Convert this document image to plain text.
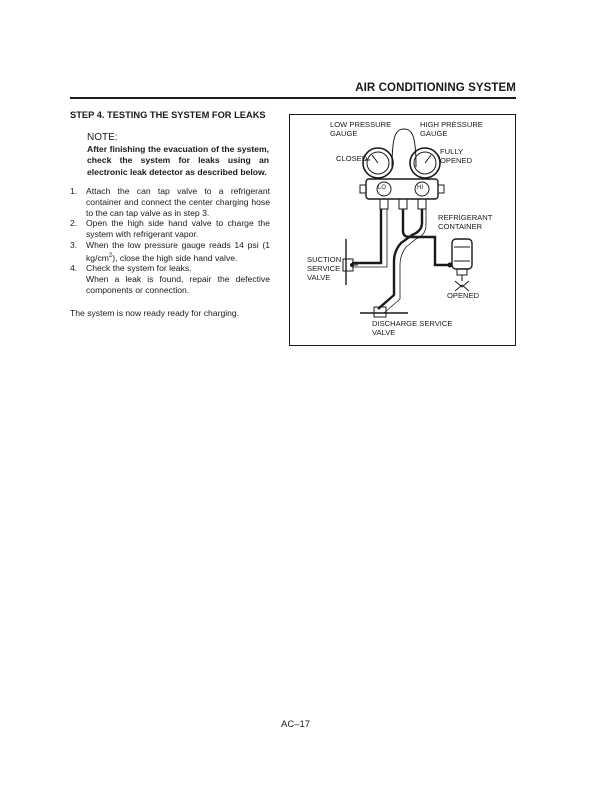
AIR CONDITIONING SYSTEM
STEP 4. TESTING THE SYSTEM FOR LEAKS
NOTE:
After finishing the evacuation of the system, check the system for leaks using an electronic leak detector as described below.
1.	Attach the can tap valve to a refrigerant container and connect the center charging hose to the can tap valve as in step 3.
2.	Open the high side hand valve to charge the system with refrigerant vapor.
3.	When the low pressure gauge reads 14 psi (1 $kg/cm^2$), close the high side hand valve.
4.	Check the system for leaks.
When a leak is found, repair the defective components or connection.
The system is now ready ready for charging.
LOW PRESSURE
GAUGE
HIGH PRESSURE
GAUGE
CLOSED
FULLY
OPENED
LO	HI
REFRIGERANT
CONTAINER
SUCTION
SERVICE
VALVE
OPENED
DISCHARGE SERVICE
VALVE
AC–17
